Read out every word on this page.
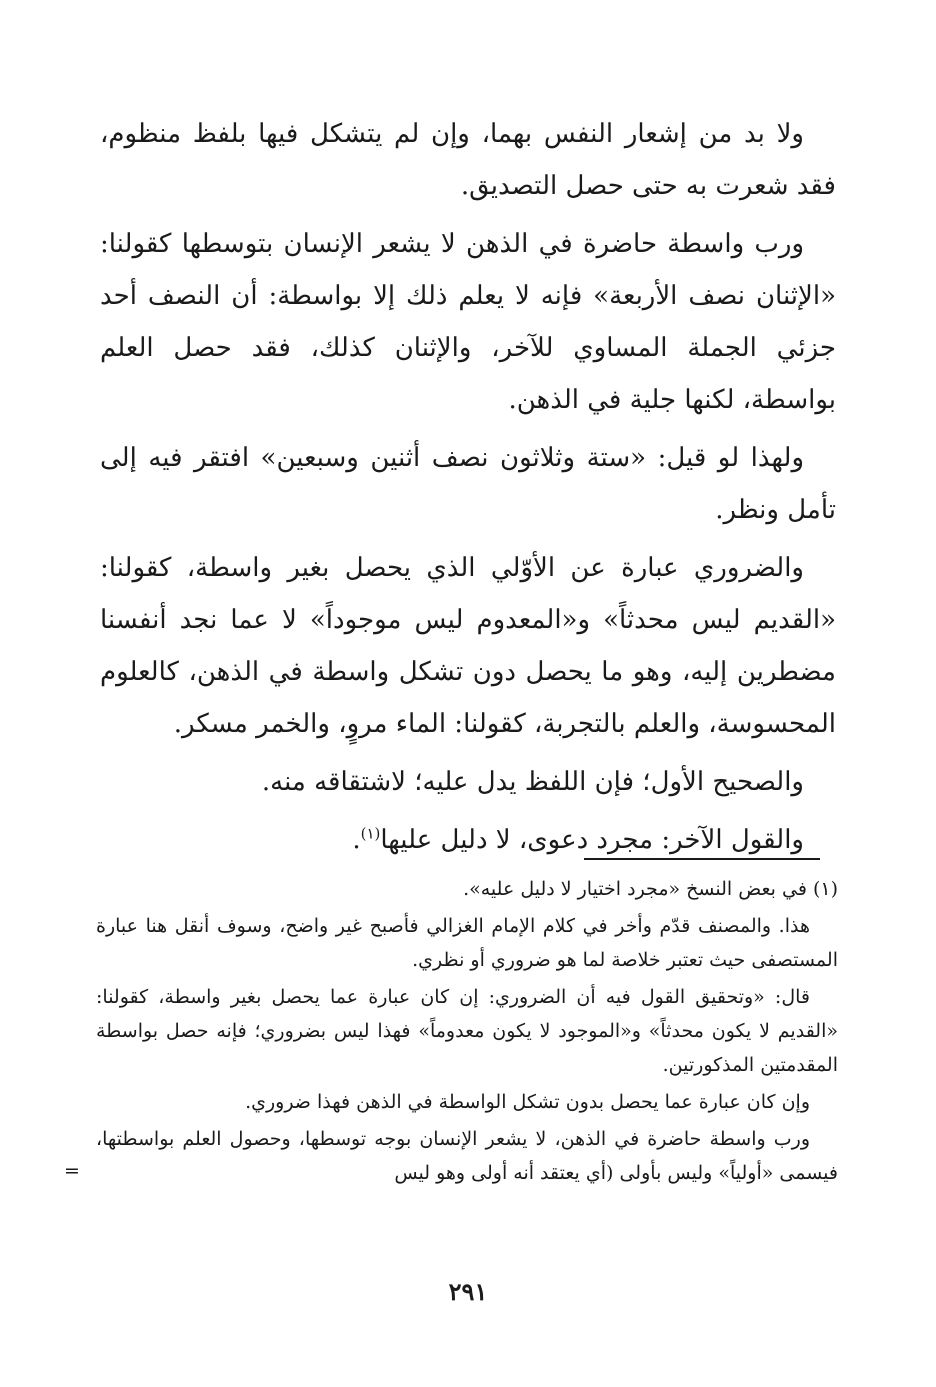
ولا بد من إشعار النفس بهما، وإن لم يتشكل فيها بلفظ منظوم، فقد شعرت به حتى حصل التصديق.

ورب واسطة حاضرة في الذهن لا يشعر الإنسان بتوسطها كقولنا: «الإثنان نصف الأربعة» فإنه لا يعلم ذلك إلا بواسطة: أن النصف أحد جزئي الجملة المساوي للآخر، والإثنان كذلك، فقد حصل العلم بواسطة، لكنها جلية في الذهن.

ولهذا لو قيل: «ستة وثلاثون نصف أثنين وسبعين» افتقر فيه إلى تأمل ونظر.

والضروري عبارة عن الأوّلي الذي يحصل بغير واسطة، كقولنا: «القديم ليس محدثاً» و«المعدوم ليس موجوداً» لا عما نجد أنفسنا مضطرين إليه، وهو ما يحصل دون تشكل واسطة في الذهن، كالعلوم المحسوسة، والعلم بالتجربة، كقولنا: الماء مروٍ، والخمر مسكر.

والصحيح الأول؛ فإن اللفظ يدل عليه؛ لاشتقاقه منه.

والقول الآخر: مجرد دعوى، لا دليل عليها$^{(١)}$.

(١) في بعض النسخ «مجرد اختيار لا دليل عليه».

هذا. والمصنف قدّم وأخر في كلام الإمام الغزالي فأصبح غير واضح، وسوف أنقل هنا عبارة المستصفى حيث تعتبر خلاصة لما هو ضروري أو نظري.

قال: «وتحقيق القول فيه أن الضروري: إن كان عبارة عما يحصل بغير واسطة، كقولنا: «القديم لا يكون محدثاً» و«الموجود لا يكون معدوماً» فهذا ليس بضروري؛ فإنه حصل بواسطة المقدمتين المذكورتين.

وإن كان عبارة عما يحصل بدون تشكل الواسطة في الذهن فهذا ضروري.

ورب واسطة حاضرة في الذهن، لا يشعر الإنسان بوجه توسطها، وحصول العلم بواسطتها، فيسمى «أولياً» وليس بأولى (أي يعتقد أنه أولى وهو ليس
=

٢٩١
